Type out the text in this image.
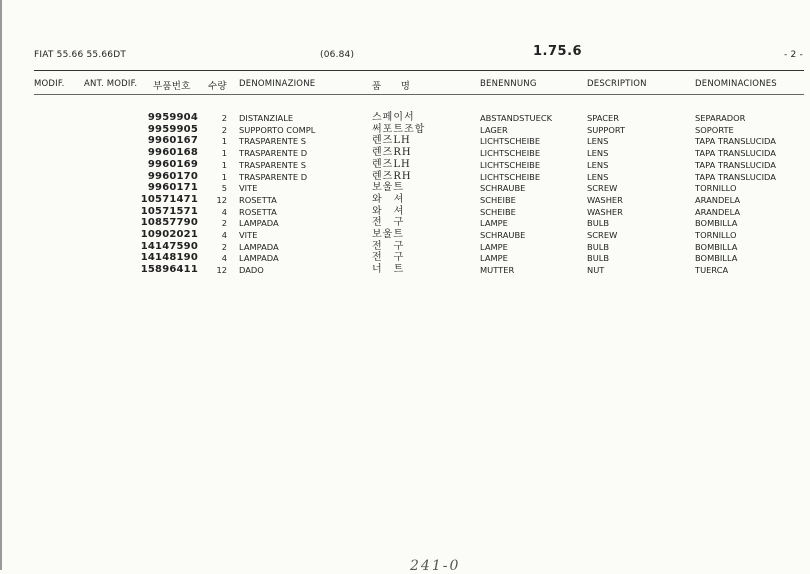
FIAT 55.66 55.66DT	(06.84)	1.75.6	- 2 -
MODIF. ANT. MODIF. 부품번호 수량 DENOMINAZIONE	품　　명	BENENNUNG	DESCRIPTION	DENOMINACIONES
9959904	2 DISTANZIALE	스페이서	ABSTANDSTUECK	SPACER	SEPARADOR
9959905	2 SUPPORTO COMPL	써포트조합	LAGER	SUPPORT	SOPORTE
9960167	1 TRASPARENTE S	렌즈LH	LICHTSCHEIBE	LENS	TAPA TRANSLUCIDA
9960168	1 TRASPARENTE D	렌즈RH	LICHTSCHEIBE	LENS	TAPA TRANSLUCIDA
9960169	1 TRASPARENTE S	렌즈LH	LICHTSCHEIBE	LENS	TAPA TRANSLUCIDA
9960170	1 TRASPARENTE D	렌즈RH	LICHTSCHEIBE	LENS	TAPA TRANSLUCIDA
9960171	5 VITE	보울트	SCHRAUBE	SCREW	TORNILLO
10571471	12 ROSETTA	와　셔	SCHEIBE	WASHER	ARANDELA
10571571	4 ROSETTA	와　셔	SCHEIBE	WASHER	ARANDELA
10857790	2 LAMPADA	전　구	LAMPE	BULB	BOMBILLA
10902021	4 VITE	보울트	SCHRAUBE	SCREW	TORNILLO
14147590	2 LAMPADA	전　구	LAMPE	BULB	BOMBILLA
14148190	4 LAMPADA	전　구	LAMPE	BULB	BOMBILLA
15896411	12 DADO	너　트	MUTTER	NUT	TUERCA
241-0
